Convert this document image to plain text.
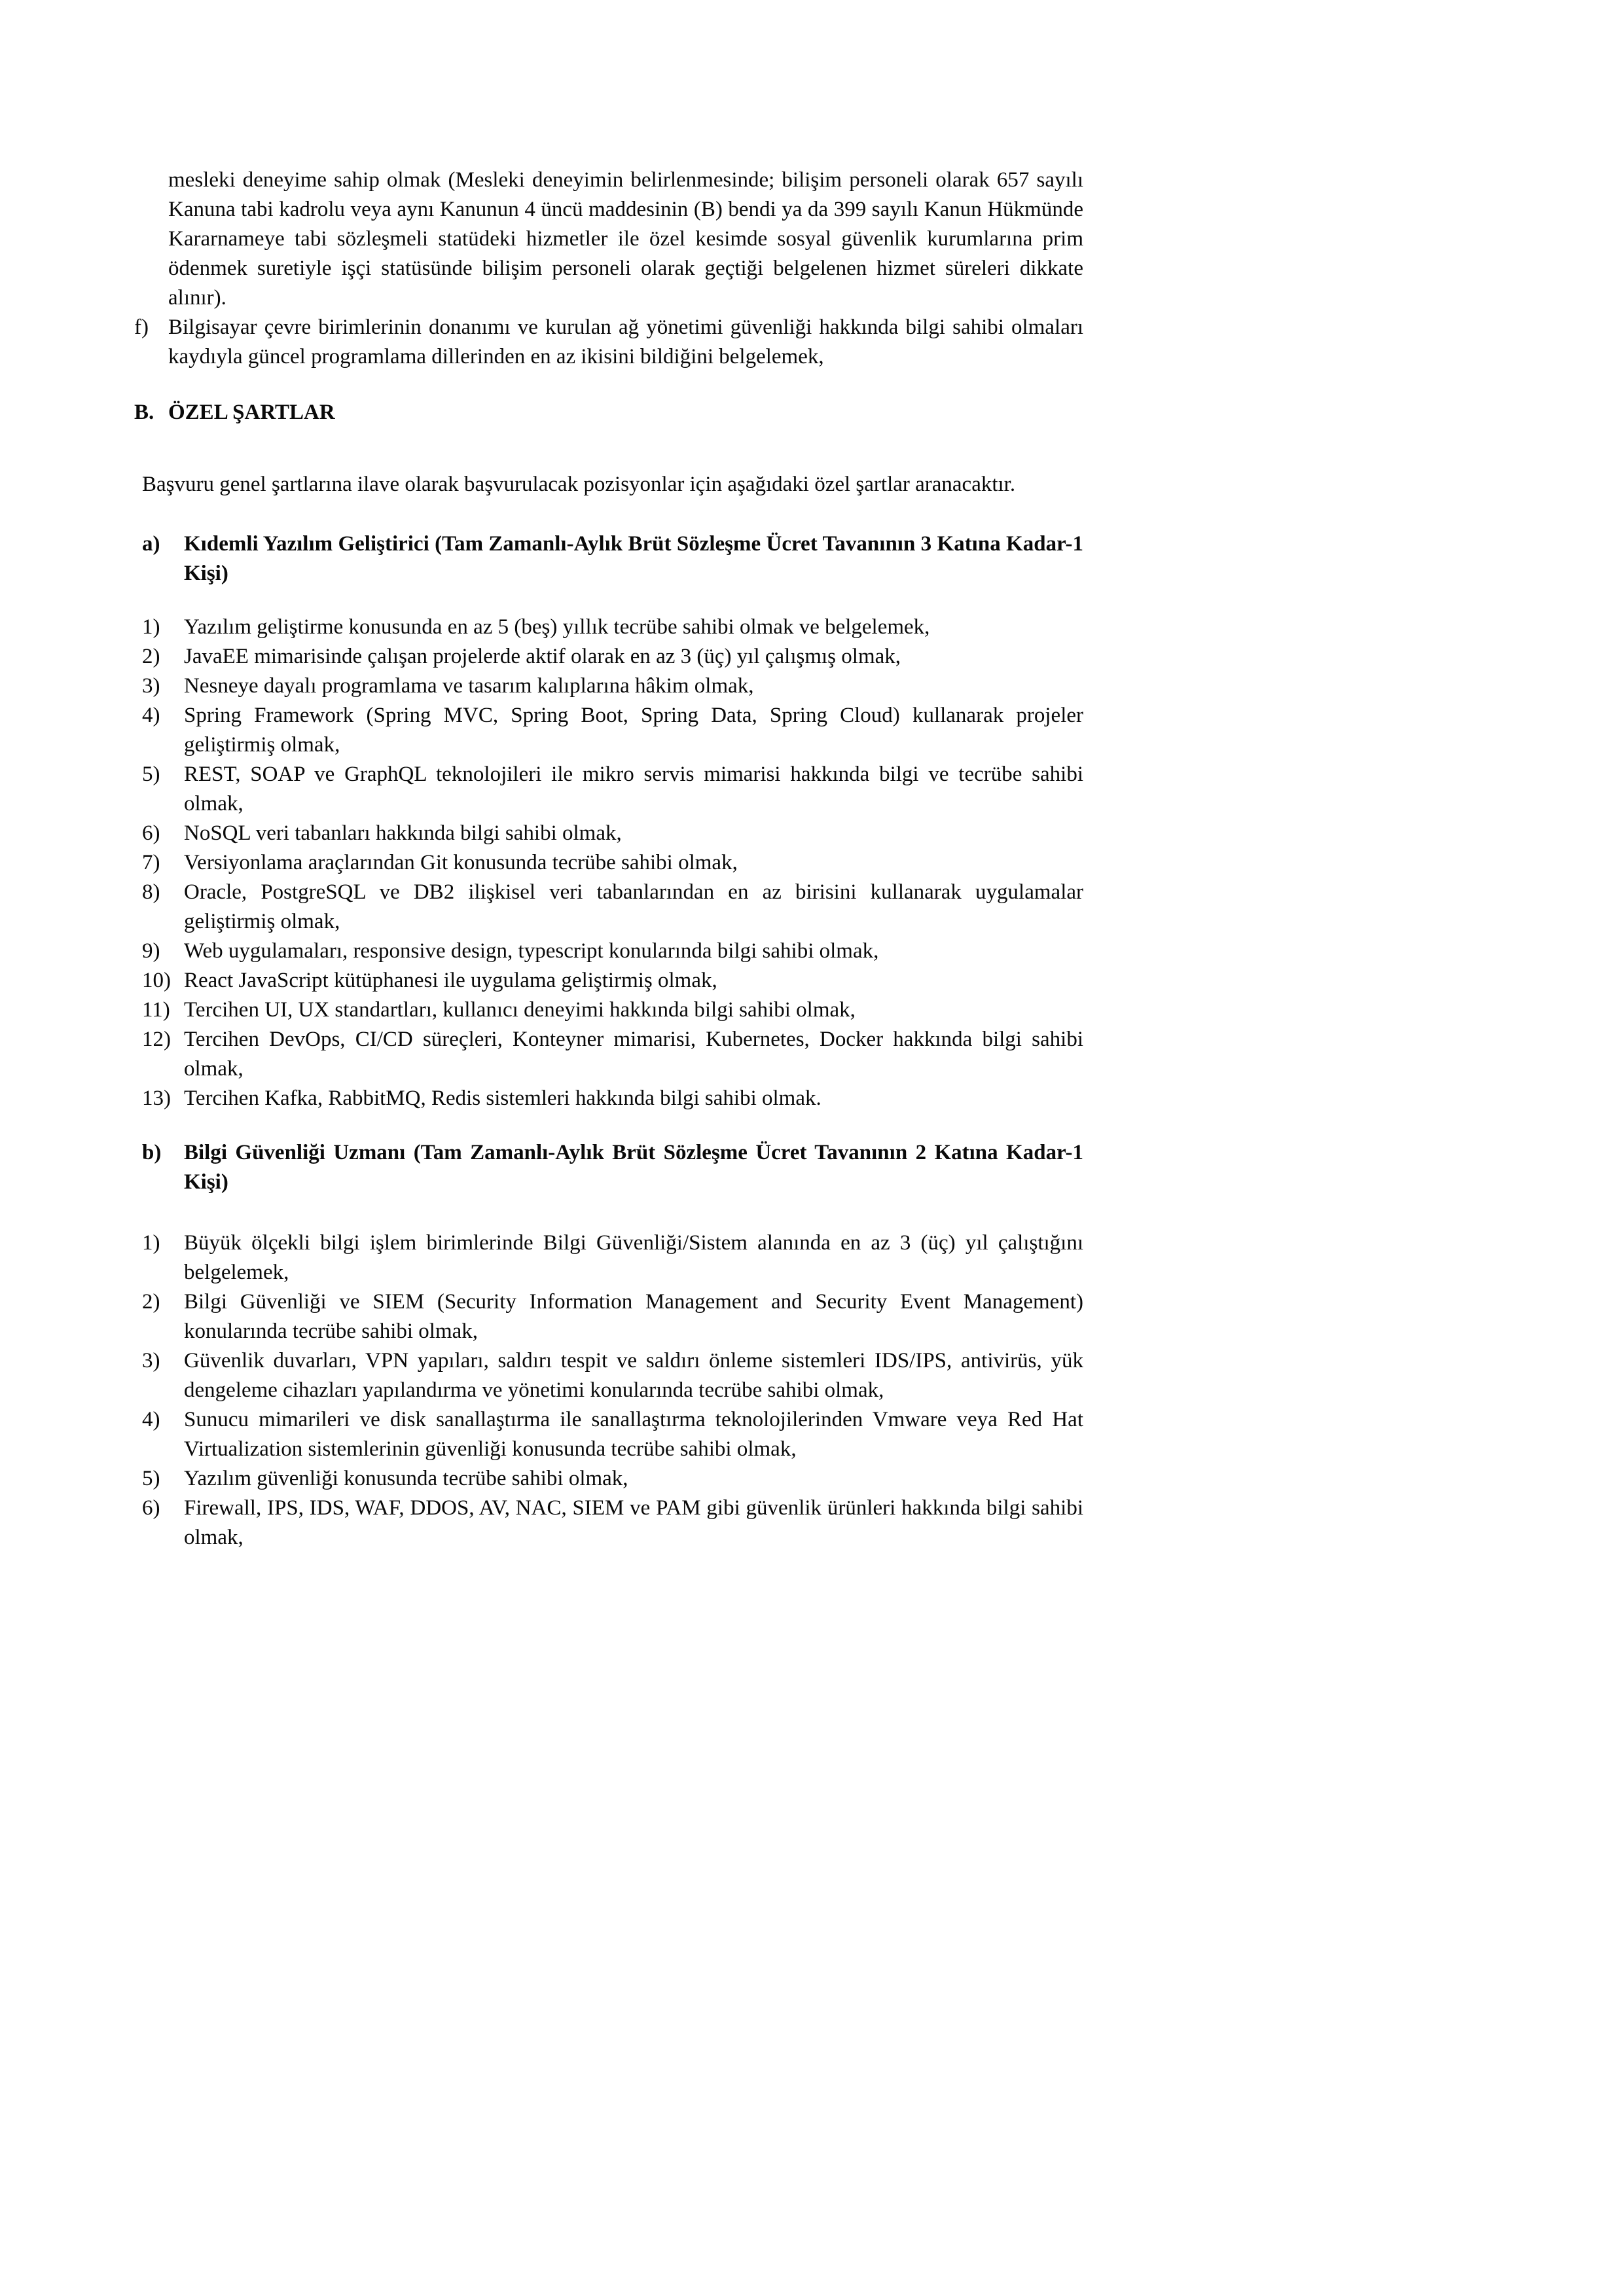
mesleki deneyime sahip olmak (Mesleki deneyimin belirlenmesinde; bilişim personeli olarak 657 sayılı Kanuna tabi kadrolu veya aynı Kanunun 4 üncü maddesinin (B) bendi ya da 399 sayılı Kanun Hükmünde Kararnameye tabi sözleşmeli statüdeki hizmetler ile özel kesimde sosyal güvenlik kurumlarına prim ödenmek suretiyle işçi statüsünde bilişim personeli olarak geçtiği belgelenen hizmet süreleri dikkate alınır).

f) Bilgisayar çevre birimlerinin donanımı ve kurulan ağ yönetimi güvenliği hakkında bilgi sahibi olmaları kaydıyla güncel programlama dillerinden en az ikisini bildiğini belgelemek,
B. ÖZEL ŞARTLAR

Başvuru genel şartlarına ilave olarak başvurulacak pozisyonlar için aşağıdaki özel şartlar aranacaktır.

a)	Kıdemli Yazılım Geliştirici (Tam Zamanlı-Aylık Brüt Sözleşme Ücret Tavanının 3 Katına Kadar-1 Kişi)
1)	Yazılım geliştirme konusunda en az 5 (beş) yıllık tecrübe sahibi olmak ve belgelemek,
2)	JavaEE mimarisinde çalışan projelerde aktif olarak en az 3 (üç) yıl çalışmış olmak,
3)	Nesneye dayalı programlama ve tasarım kalıplarına hâkim olmak,
4)	Spring Framework (Spring MVC, Spring Boot, Spring Data, Spring Cloud) kullanarak projeler geliştirmiş olmak,
5)	REST, SOAP ve GraphQL teknolojileri ile mikro servis mimarisi hakkında bilgi ve tecrübe sahibi olmak,
6)	NoSQL veri tabanları hakkında bilgi sahibi olmak,
7)	Versiyonlama araçlarından Git konusunda tecrübe sahibi olmak,
8)	Oracle, PostgreSQL ve DB2 ilişkisel veri tabanlarından en az birisini kullanarak uygulamalar geliştirmiş olmak,
9)	Web uygulamaları, responsive design, typescript konularında bilgi sahibi olmak,
10) React JavaScript kütüphanesi ile uygulama geliştirmiş olmak,
11) Tercihen UI, UX standartları, kullanıcı deneyimi hakkında bilgi sahibi olmak,
12) Tercihen DevOps, CI/CD süreçleri, Konteyner mimarisi, Kubernetes, Docker hakkında bilgi sahibi olmak,
13) Tercihen Kafka, RabbitMQ, Redis sistemleri hakkında bilgi sahibi olmak.
b)	Bilgi Güvenliği Uzmanı (Tam Zamanlı-Aylık Brüt Sözleşme Ücret Tavanının 2 Katına Kadar-1 Kişi)
1)	Büyük ölçekli bilgi işlem birimlerinde Bilgi Güvenliği/Sistem alanında en az 3 (üç) yıl çalıştığını belgelemek,
2)	Bilgi Güvenliği ve SIEM (Security Information Management and Security Event Management) konularında tecrübe sahibi olmak,
3)	Güvenlik duvarları, VPN yapıları, saldırı tespit ve saldırı önleme sistemleri IDS/IPS, antivirüs, yük dengeleme cihazları yapılandırma ve yönetimi konularında tecrübe sahibi olmak,
4)	Sunucu mimarileri ve disk sanallaştırma ile sanallaştırma teknolojilerinden Vmware veya Red Hat Virtualization sistemlerinin güvenliği konusunda tecrübe sahibi olmak,
5)	Yazılım güvenliği konusunda tecrübe sahibi olmak,
6)	Firewall, IPS, IDS, WAF, DDOS, AV, NAC, SIEM ve PAM gibi güvenlik ürünleri hakkında bilgi sahibi olmak,
